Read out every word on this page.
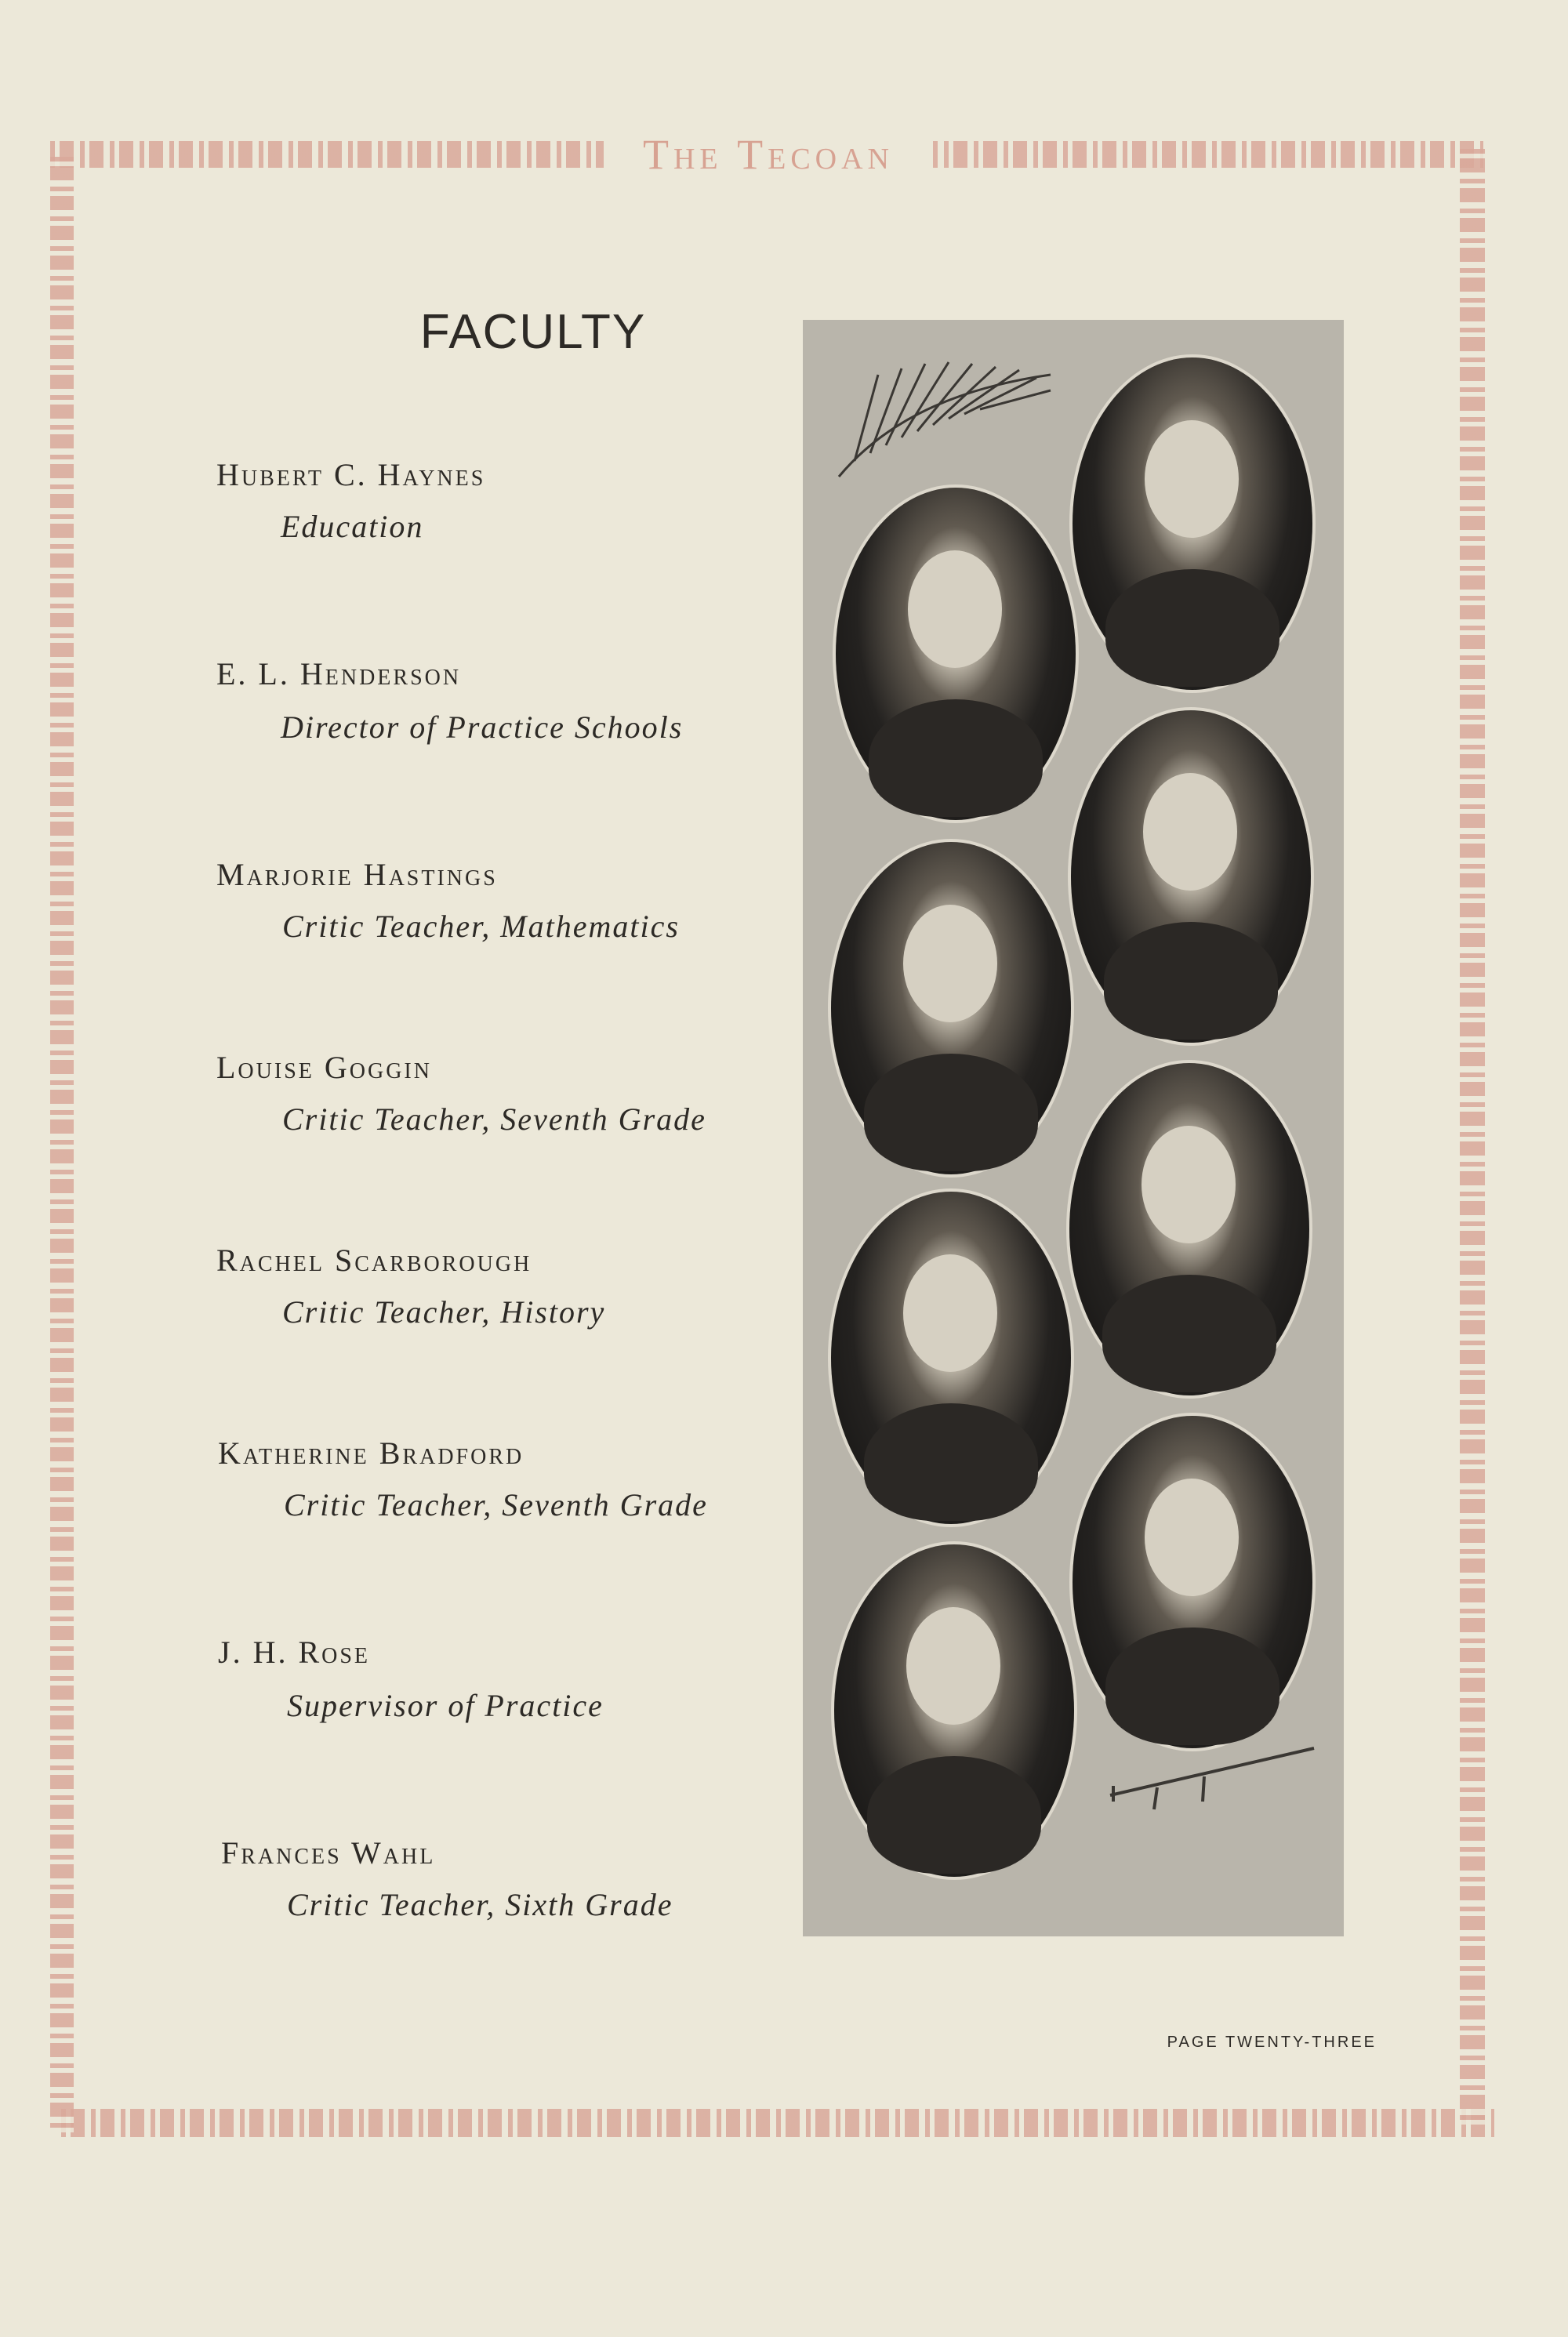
The Tecoan
FACULTY
Hubert C. Haynes
Education
E. L. Henderson
Director of Practice Schools
Marjorie Hastings
Critic Teacher, Mathematics
Louise Goggin
Critic Teacher, Seventh Grade
Rachel Scarborough
Critic Teacher, History
Katherine Bradford
Critic Teacher, Seventh Grade
J. H. Rose
Supervisor of Practice
Frances Wahl
Critic Teacher, Sixth Grade
PAGE TWENTY-THREE
